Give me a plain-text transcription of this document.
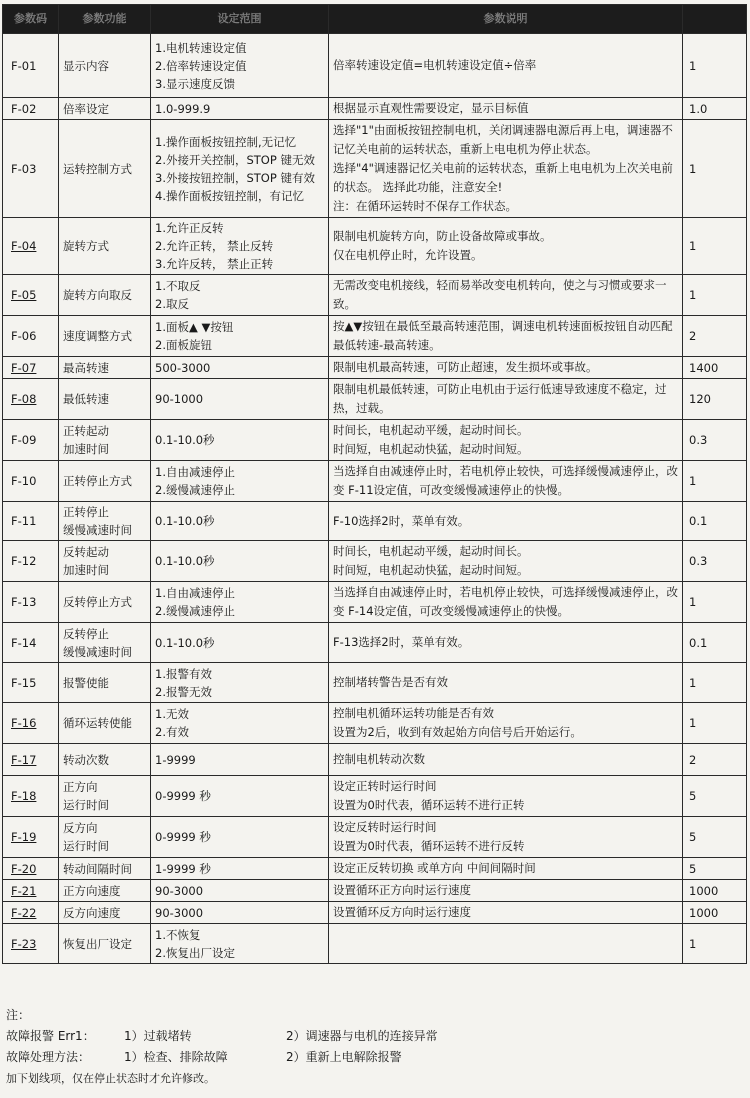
参数码	参数功能	设定范围	参数说明	
F-01	显示内容	1.电机转速设定值
2.倍率转速设定值
3.显示速度反馈	倍率转速设定值=电机转速设定值÷倍率	1
F-02	倍率设定	1.0-999.9	根据显示直观性需要设定，显示目标值	1.0
F-03	运转控制方式	1.操作面板按钮控制,无记忆
2.外接开关控制，STOP 键无效
3.外接按钮控制，STOP 键有效
4.操作面板按钮控制，有记忆	选择"1"由面板按钮控制电机，关闭调速器电源后再上电，调速器不记忆关电前的运转状态，重新上电电机为停止状态。
选择"4"调速器记忆关电前的运转状态，重新上电电机为上次关电前的状态。 选择此功能，注意安全!
注：在循环运转时不保存工作状态。	1
F-04	旋转方式	1.允许正反转
2.允许正转， 禁止反转
3.允许反转， 禁止正转	限制电机旋转方向，防止设备故障或事故。
仅在电机停止时，允许设置。	1
F-05	旋转方向取反	1.不取反
2.取反	无需改变电机接线，轻而易举改变电机转向，使之与习惯或要求一致。	1
F-06	速度调整方式	1.面板▲ ▼按钮
2.面板旋钮	按▲▼按钮在最低至最高转速范围，调速电机转速面板按钮自动匹配最低转速-最高转速。	2
F-07	最高转速	500-3000	限制电机最高转速，可防止超速，发生损坏或事故。	1400
F-08	最低转速	90-1000	限制电机最低转速，可防止电机由于运行低速导致速度不稳定，过热，过载。	120
F-09	正转起动
加速时间	0.1-10.0秒	时间长，电机起动平缓，起动时间长。
时间短，电机起动快猛，起动时间短。	0.3
F-10	正转停止方式	1.自由减速停止
2.缓慢减速停止	当选择自由减速停止时，若电机停止较快，可选择缓慢减速停止，改变 F-11设定值，可改变缓慢减速停止的快慢。	1
F-11	正转停止
缓慢减速时间	0.1-10.0秒	F-10选择2时，菜单有效。	0.1
F-12	反转起动
加速时间	0.1-10.0秒	时间长，电机起动平缓，起动时间长。
时间短，电机起动快猛，起动时间短。	0.3
F-13	反转停止方式	1.自由减速停止
2.缓慢减速停止	当选择自由减速停止时，若电机停止较快，可选择缓慢减速停止，改变 F-14设定值，可改变缓慢减速停止的快慢。	1
F-14	反转停止
缓慢减速时间	0.1-10.0秒	F-13选择2时，菜单有效。	0.1
F-15	报警使能	1.报警有效
2.报警无效	控制堵转警告是否有效	1
F-16	循环运转使能	1.无效
2.有效	控制电机循环运转功能是否有效
设置为2后，收到有效起始方向信号后开始运行。	1
F-17	转动次数	1-9999	控制电机转动次数	2
F-18	正方向
运行时间	0-9999 秒	设定正转时运行时间
设置为0时代表，循环运转不进行正转	5
F-19	反方向
运行时间	0-9999 秒	设定反转时运行时间
设置为0时代表，循环运转不进行反转	5
F-20	转动间隔时间	1-9999 秒	设定正反转切换 或单方向 中间间隔时间	5
F-21	正方向速度	90-3000	设置循环正方向时运行速度	1000
F-22	反方向速度	90-3000	设置循环反方向时运行速度	1000
F-23	恢复出厂设定	1.不恢复
2.恢复出厂设定		1
注：
故障报警 Err1： 1）过载堵转	2）调速器与电机的连接异常
故障处理方法：	1）检查、排除故障	2）重新上电解除报警
加下划线项，仅在停止状态时才允许修改。
